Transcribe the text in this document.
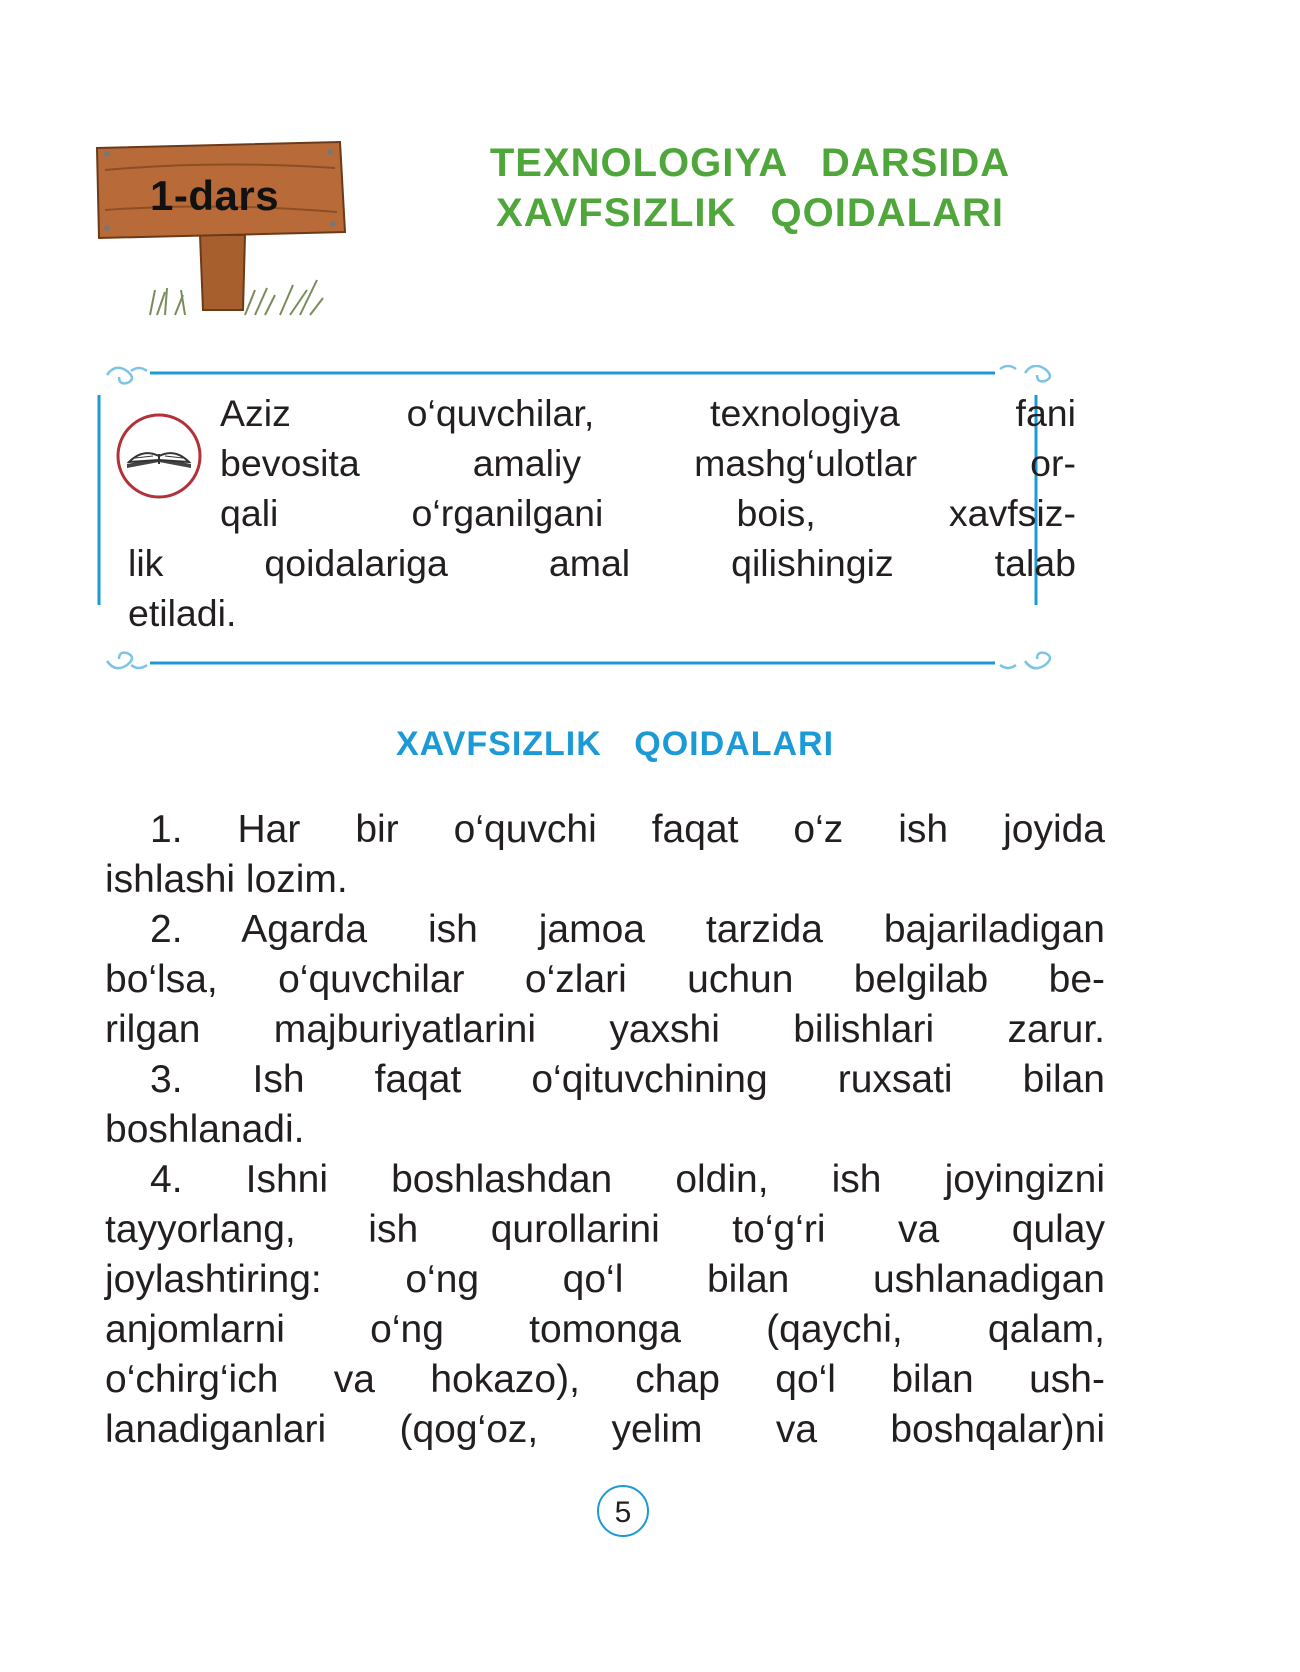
1-dars
TEXNOLOGIYA DARSIDA
XAVFSIZLIK QOIDALARI
Aziz o‘quvchilar, texnologiya fani
bevosita amaliy mashg‘ulotlar or-
qali o‘rganilgani bois, xavfsiz-
lik qoidalariga amal qilishingiz talab
etiladi.
XAVFSIZLIK QOIDALARI
1. Har bir o‘quvchi faqat o‘z ish joyida
ishlashi lozim.
2. Agarda ish jamoa tarzida bajariladigan
bo‘lsa, o‘quvchilar o‘zlari uchun belgilab be-
rilgan majburiyatlarini yaxshi bilishlari zarur.
3. Ish faqat o‘qituvchining ruxsati bilan
boshlanadi.
4. Ishni boshlashdan oldin, ish joyingizni
tayyorlang, ish qurollarini to‘g‘ri va qulay
joylashtiring: o‘ng qo‘l bilan ushlanadigan
anjomlarni o‘ng tomonga (qaychi, qalam,
o‘chirg‘ich va hokazo), chap qo‘l bilan ush-
lanadiganlari (qog‘oz, yelim va boshqalar)ni
5
